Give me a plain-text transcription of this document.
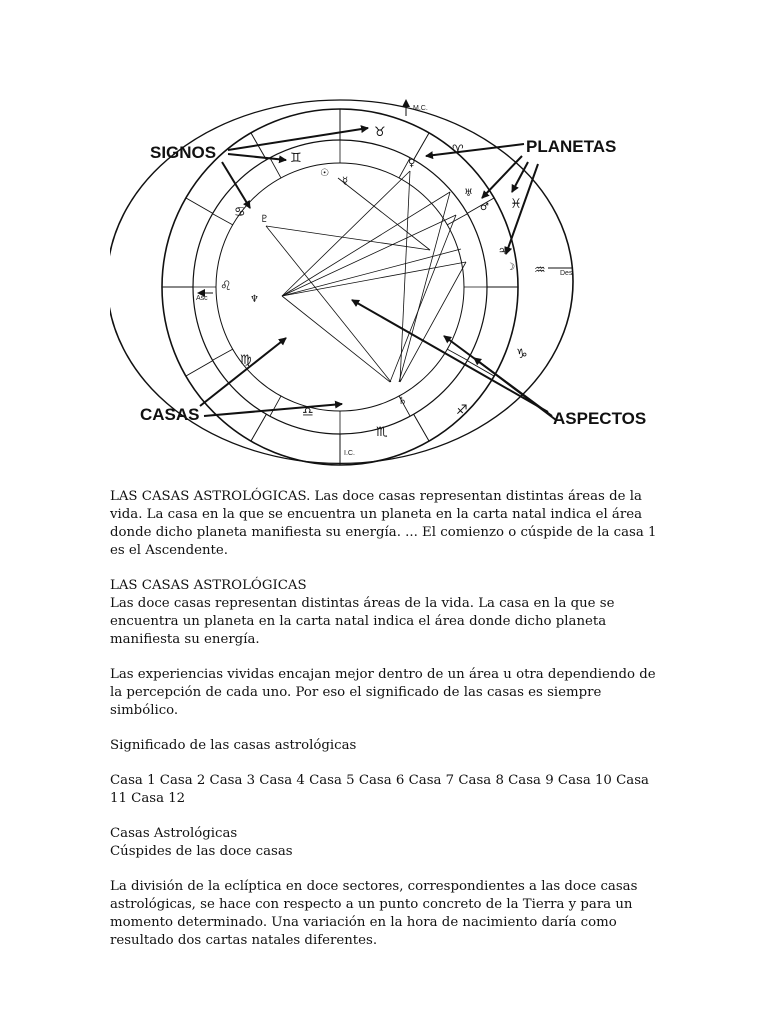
M.C.
I.C.
Asc
Des
♉
♈
♓
♒
♑
♐
♏
♎
♍
♌
♋
♊
☉
☿
♀
♅
♂
♃
☽
♄
♆
♇
SIGNOS	PLANETAS
CASAS	ASPECTOS

LAS CASAS ASTROLÓGICAS. Las doce casas representan distintas áreas de la vida. La casa en la que se encuentra un planeta en la carta natal indica el área donde dicho planeta manifiesta su energía. ... El comienzo o cúspide de la casa 1 es el Ascendente.

LAS CASAS ASTROLÓGICAS
Las doce casas representan distintas áreas de la vida. La casa en la que se encuentra un planeta en la carta natal indica el área donde dicho planeta manifiesta su energía.

Las experiencias vividas encajan mejor dentro de un área u otra dependiendo de la percepción de cada uno. Por eso el significado de las casas es siempre simbólico.

Significado de las casas astrológicas

Casa 1 Casa 2 Casa 3 Casa 4 Casa 5 Casa 6 Casa 7 Casa 8 Casa 9 Casa 10 Casa 11 Casa 12

Casas Astrológicas
Cúspides de las doce casas

La división de la eclíptica en doce sectores, correspondientes a las doce casas astrológicas, se hace con respecto a un punto concreto de la Tierra y para un momento determinado. Una variación en la hora de nacimiento daría como resultado dos cartas natales diferentes.
